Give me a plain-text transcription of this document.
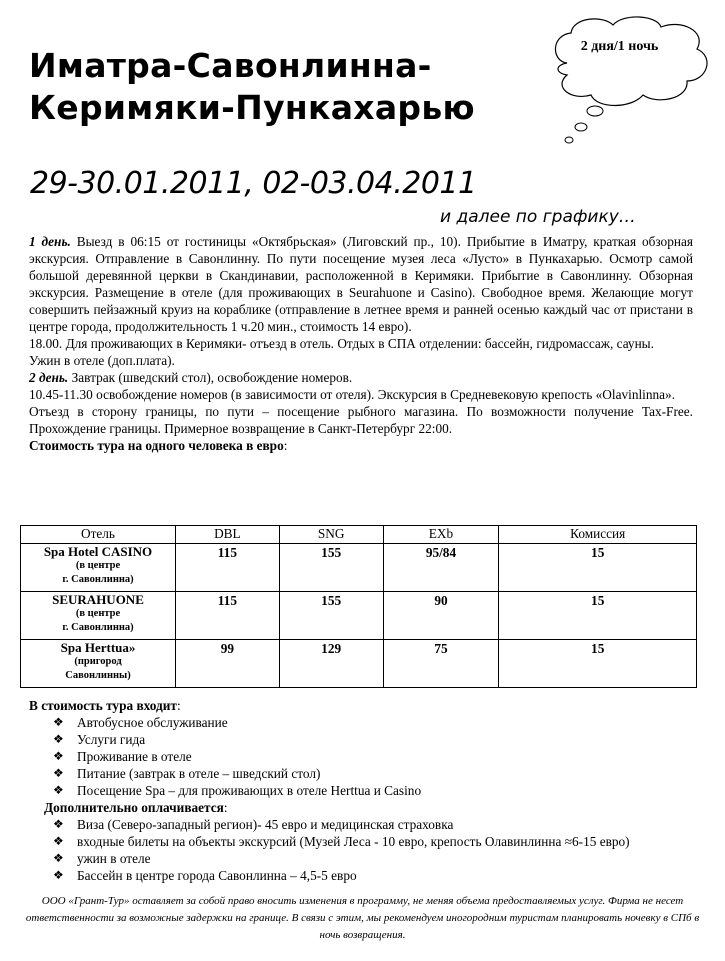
2 дня/1 ночь
Иматра-Савонлинна-
Керимяки-Пункахарью
29-30.01.2011, 02-03.04.2011
и далее по графику…

1 день. Выезд в 06:15 от гостиницы «Октябрьская» (Лиговский пр., 10). Прибытие в Иматру, краткая обзорная экскурсия. Отправление в Савонлинну. По пути посещение музея леса «Лусто» в Пункахарью. Осмотр самой большой деревянной церкви в Скандинавии, расположенной в Керимяки. Прибытие в Савонлинну. Обзорная экскурсия. Размещение в отеле (для проживающих в Seurahuone и Casino). Свободное время. Желающие могут совершить пейзажный круиз на кораблике (отправление в летнее время и ранней осенью каждый час от пристани в центре города, продолжительность 1 ч.20 мин., стоимость 14 евро).

18.00. Для проживающих в Керимяки- отъезд в отель. Отдых в СПА отделении: бассейн, гидромассаж, сауны.

Ужин в отеле (доп.плата).

2 день. Завтрак (шведский стол), освобождение номеров.

10.45-11.30 освобождение номеров (в зависимости от отеля). Экскурсия в Средневековую крепость «Olavinlinna».

Отъезд в сторону границы, по пути – посещение рыбного магазина. По возможности получение Tax-Free. Прохождение границы. Примерное возвращение в Санкт-Петербург 22:00.

Стоимость тура на одного человека в евро:

Отель	DBL	SNG	EXb	Комиссия

Spa Hotel CASINO
(в центре
г. Савонлинна)	115	155	95/84	15

SEURAHUONE
(в центре
г. Савонлинна)	115	155	90	15

Spa Herttua»
(пригород
Савонлинны)	99	129	75	15

В стоимость тура входит:

❖ Автобусное обслуживание
❖ Услуги гида
❖ Проживание в отеле
❖ Питание (завтрак в отеле – шведский стол)
❖ Посещение Spa – для проживающих в отеле Herttua и Casino

Дополнительно оплачивается:

❖ Виза (Северо-западный регион)- 45 евро и медицинская страховка
❖ входные билеты на объекты экскурсий (Музей Леса - 10 евро, крепость Олавинлинна ≈6-15 евро)
❖ ужин в отеле
❖ Бассейн в центре города Савонлинна – 4,5-5 евро

ООО «Грант-Тур» оставляет за собой право вносить изменения в программу, не меняя объема предоставляемых услуг. Фирма не несет ответственности за возможные задержки на границе. В связи с этим, мы рекомендуем иногородним туристам планировать ночевку в СПб в ночь возвращения.
